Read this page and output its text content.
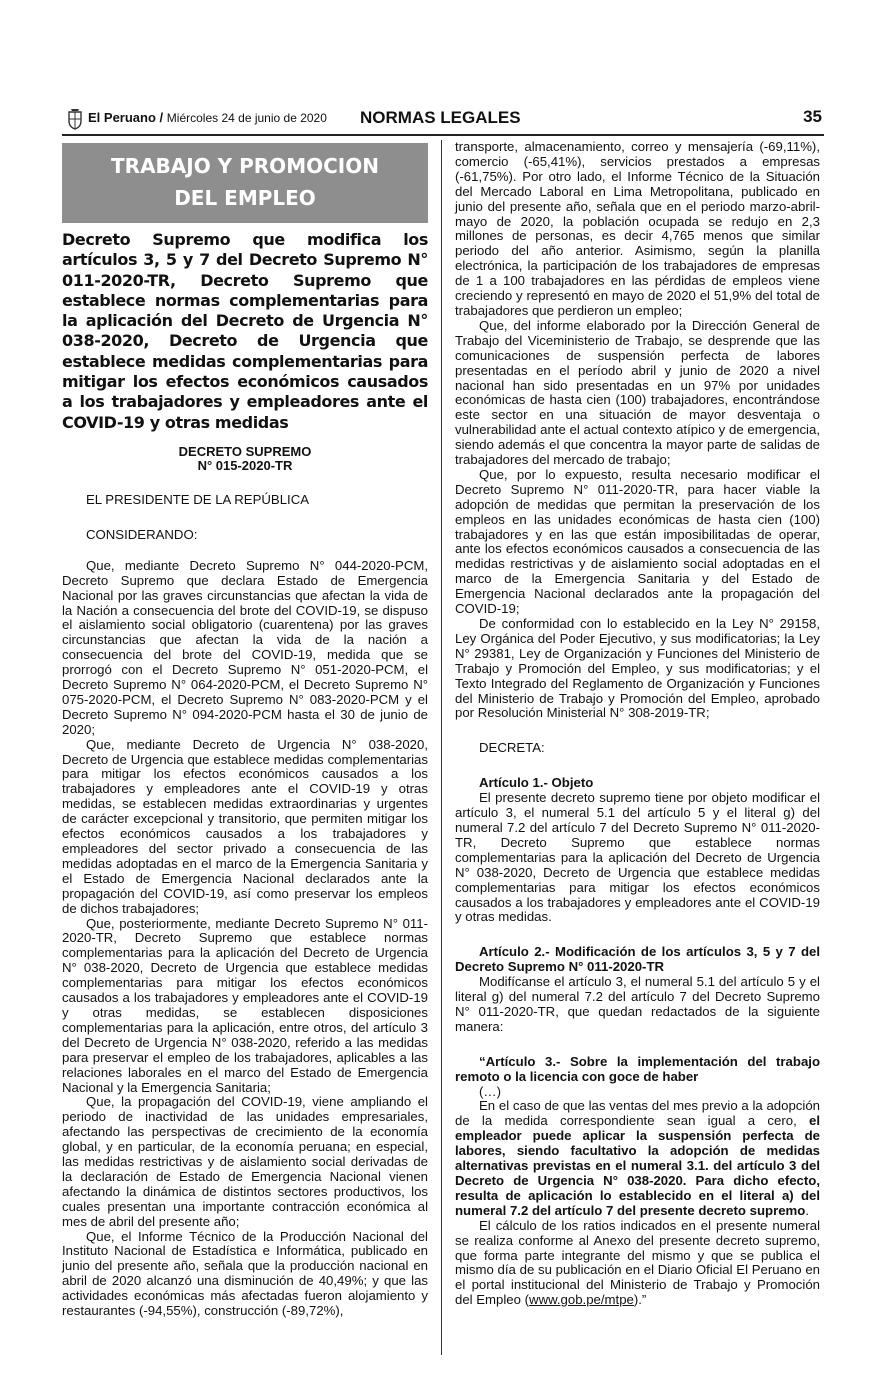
El Peruano / Miércoles 24 de junio de 2020 NORMAS LEGALES	35
TRABAJO Y PROMOCION
DEL EMPLEO
Decreto Supremo que modifica los artículos 3, 5 y 7 del Decreto Supremo N° 011-2020-TR, Decreto Supremo que establece normas complementarias para la aplicación del Decreto de Urgencia N° 038-2020, Decreto de Urgencia que establece medidas complementarias para mitigar los efectos económicos causados a los trabajadores y empleadores ante el COVID-19 y otras medidas
DECRETO SUPREMO
N° 015-2020-TR

EL PRESIDENTE DE LA REPÚBLICA

CONSIDERANDO:

Que, mediante Decreto Supremo N° 044-2020-PCM, Decreto Supremo que declara Estado de Emergencia Nacional por las graves circunstancias que afectan la vida de la Nación a consecuencia del brote del COVID-19, se dispuso el aislamiento social obligatorio (cuarentena) por las graves circunstancias que afectan la vida de la nación a consecuencia del brote del COVID-19, medida que se prorrogó con el Decreto Supremo N° 051-2020-PCM, el Decreto Supremo N° 064-2020-PCM, el Decreto Supremo N° 075-2020-PCM, el Decreto Supremo N° 083-2020-PCM y el Decreto Supremo N° 094-2020-PCM hasta el 30 de junio de 2020;

Que, mediante Decreto de Urgencia N° 038-2020, Decreto de Urgencia que establece medidas complementarias para mitigar los efectos económicos causados a los trabajadores y empleadores ante el COVID-19 y otras medidas, se establecen medidas extraordinarias y urgentes de carácter excepcional y transitorio, que permiten mitigar los efectos económicos causados a los trabajadores y empleadores del sector privado a consecuencia de las medidas adoptadas en el marco de la Emergencia Sanitaria y el Estado de Emergencia Nacional declarados ante la propagación del COVID-19, así como preservar los empleos de dichos trabajadores;

Que, posteriormente, mediante Decreto Supremo N° 011-2020-TR, Decreto Supremo que establece normas complementarias para la aplicación del Decreto de Urgencia N° 038-2020, Decreto de Urgencia que establece medidas complementarias para mitigar los efectos económicos causados a los trabajadores y empleadores ante el COVID-19 y otras medidas, se establecen disposiciones complementarias para la aplicación, entre otros, del artículo 3 del Decreto de Urgencia N° 038-2020, referido a las medidas para preservar el empleo de los trabajadores, aplicables a las relaciones laborales en el marco del Estado de Emergencia Nacional y la Emergencia Sanitaria;

Que, la propagación del COVID-19, viene ampliando el periodo de inactividad de las unidades empresariales, afectando las perspectivas de crecimiento de la economía global, y en particular, de la economía peruana; en especial, las medidas restrictivas y de aislamiento social derivadas de la declaración de Estado de Emergencia Nacional vienen afectando la dinámica de distintos sectores productivos, los cuales presentan una importante contracción económica al mes de abril del presente año;

Que, el Informe Técnico de la Producción Nacional del Instituto Nacional de Estadística e Informática, publicado en junio del presente año, señala que la producción nacional en abril de 2020 alcanzó una disminución de 40,49%; y que las actividades económicas más afectadas fueron alojamiento y restaurantes (-94,55%), construcción (-89,72%),

transporte, almacenamiento, correo y mensajería (-69,11%), comercio (-65,41%), servicios prestados a empresas (-61,75%). Por otro lado, el Informe Técnico de la Situación del Mercado Laboral en Lima Metropolitana, publicado en junio del presente año, señala que en el periodo marzo-abril-mayo de 2020, la población ocupada se redujo en 2,3 millones de personas, es decir 4,765 menos que similar periodo del año anterior. Asimismo, según la planilla electrónica, la participación de los trabajadores de empresas de 1 a 100 trabajadores en las pérdidas de empleos viene creciendo y representó en mayo de 2020 el 51,9% del total de trabajadores que perdieron un empleo;

Que, del informe elaborado por la Dirección General de Trabajo del Viceministerio de Trabajo, se desprende que las comunicaciones de suspensión perfecta de labores presentadas en el período abril y junio de 2020 a nivel nacional han sido presentadas en un 97% por unidades económicas de hasta cien (100) trabajadores, encontrándose este sector en una situación de mayor desventaja o vulnerabilidad ante el actual contexto atípico y de emergencia, siendo además el que concentra la mayor parte de salidas de trabajadores del mercado de trabajo;

Que, por lo expuesto, resulta necesario modificar el Decreto Supremo N° 011-2020-TR, para hacer viable la adopción de medidas que permitan la preservación de los empleos en las unidades económicas de hasta cien (100) trabajadores y en las que están imposibilitadas de operar, ante los efectos económicos causados a consecuencia de las medidas restrictivas y de aislamiento social adoptadas en el marco de la Emergencia Sanitaria y del Estado de Emergencia Nacional declarados ante la propagación del COVID-19;

De conformidad con lo establecido en la Ley N° 29158, Ley Orgánica del Poder Ejecutivo, y sus modificatorias; la Ley N° 29381, Ley de Organización y Funciones del Ministerio de Trabajo y Promoción del Empleo, y sus modificatorias; y el Texto Integrado del Reglamento de Organización y Funciones del Ministerio de Trabajo y Promoción del Empleo, aprobado por Resolución Ministerial N° 308-2019-TR;

DECRETA:

Artículo 1.- Objeto

El presente decreto supremo tiene por objeto modificar el artículo 3, el numeral 5.1 del artículo 5 y el literal g) del numeral 7.2 del artículo 7 del Decreto Supremo N° 011-2020-TR, Decreto Supremo que establece normas complementarias para la aplicación del Decreto de Urgencia N° 038-2020, Decreto de Urgencia que establece medidas complementarias para mitigar los efectos económicos causados a los trabajadores y empleadores ante el COVID-19 y otras medidas.

Artículo 2.- Modificación de los artículos 3, 5 y 7 del Decreto Supremo N° 011-2020-TR

Modifícanse el artículo 3, el numeral 5.1 del artículo 5 y el literal g) del numeral 7.2 del artículo 7 del Decreto Supremo N° 011-2020-TR, que quedan redactados de la siguiente manera:

“Artículo 3.- Sobre la implementación del trabajo remoto o la licencia con goce de haber

(…)

En el caso de que las ventas del mes previo a la adopción de la medida correspondiente sean igual a cero, el empleador puede aplicar la suspensión perfecta de labores, siendo facultativo la adopción de medidas alternativas previstas en el numeral 3.1. del artículo 3 del Decreto de Urgencia N° 038-2020. Para dicho efecto, resulta de aplicación lo establecido en el literal a) del numeral 7.2 del artículo 7 del presente decreto supremo.

El cálculo de los ratios indicados en el presente numeral se realiza conforme al Anexo del presente decreto supremo, que forma parte integrante del mismo y que se publica el mismo día de su publicación en el Diario Oficial El Peruano en el portal institucional del Ministerio de Trabajo y Promoción del Empleo (www.gob.pe/mtpe).”
